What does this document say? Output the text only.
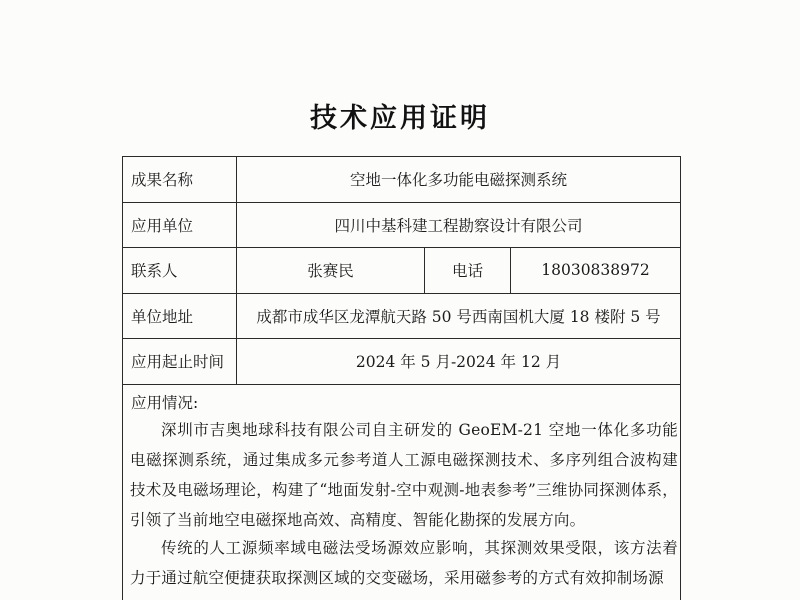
技术应用证明
成果名称	空地一体化多功能电磁探测系统		
应用单位	四川中基科建工程勘察设计有限公司		
联系人	张赛民	电话	18030838972
单位地址	成都市成华区龙潭航天路 50 号西南国机大厦 18 楼附 5 号		
应用起止时间	2024 年 5 月-2024 年 12 月		

应用情况:
深圳市吉奥地球科技有限公司自主研发的 GeoEM-21 空地一体化多功能电磁探测系统，通过集成多元参考道人工源电磁探测技术、多序列组合波构建技术及电磁场理论，构建了“地面发射-空中观测-地表参考”三维协同探测体系，引领了当前地空电磁探地高效、高精度、智能化勘探的发展方向。
传统的人工源频率域电磁法受场源效应影响，其探测效果受限，该方法着力于通过航空便捷获取探测区域的交变磁场，采用磁参考的方式有效抑制场源			
